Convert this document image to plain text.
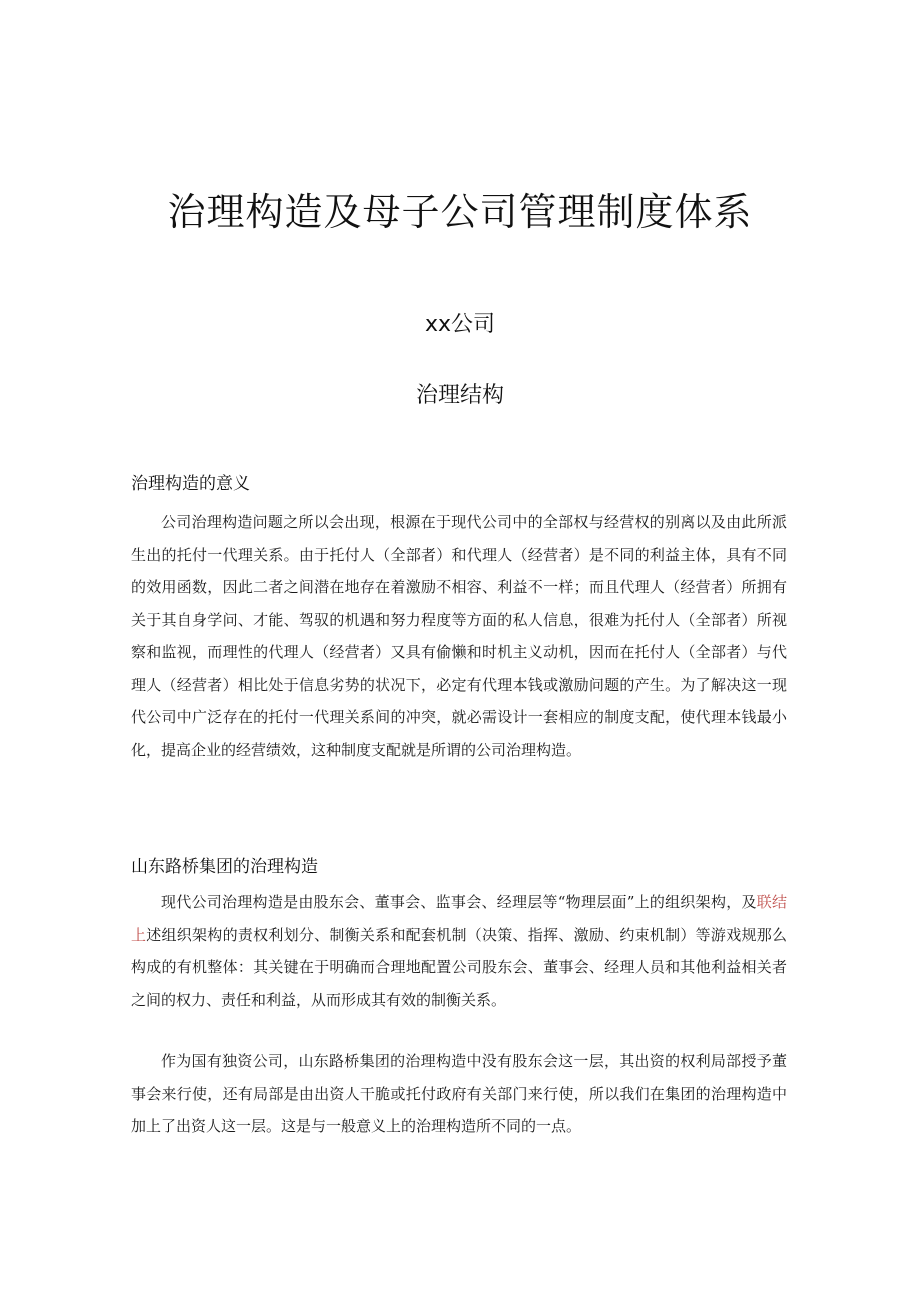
治理构造及母子公司管理制度体系
xx公司
治理结构
治理构造的意义

公司治理构造问题之所以会出现，根源在于现代公司中的全部权与经营权的别离以及由此所派生出的托付一代理关系。由于托付人（全部者）和代理人（经营者）是不同的利益主体，具有不同的效用函数，因此二者之间潜在地存在着激励不相容、利益不一样；而且代理人（经营者）所拥有关于其自身学问、才能、驾驭的机遇和努力程度等方面的私人信息，很难为托付人（全部者）所视察和监视，而理性的代理人（经营者）又具有偷懒和时机主义动机，因而在托付人（全部者）与代理人（经营者）相比处于信息劣势的状况下，必定有代理本钱或激励问题的产生。为了解决这一现代公司中广泛存在的托付一代理关系间的冲突，就必需设计一套相应的制度支配，使代理本钱最小化，提高企业的经营绩效，这种制度支配就是所谓的公司治理构造。

山东路桥集团的治理构造

现代公司治理构造是由股东会、董事会、监事会、经理层等“物理层面”上的组织架构，及联结上述组织架构的责权利划分、制衡关系和配套机制（决策、指挥、激励、约束机制）等游戏规那么构成的有机整体：其关键在于明确而合理地配置公司股东会、董事会、经理人员和其他利益相关者之间的权力、责任和利益，从而形成其有效的制衡关系。

作为国有独资公司，山东路桥集团的治理构造中没有股东会这一层，其出资的权利局部授予董事会来行使，还有局部是由出资人干脆或托付政府有关部门来行使，所以我们在集团的治理构造中加上了出资人这一层。这是与一般意义上的治理构造所不同的一点。
